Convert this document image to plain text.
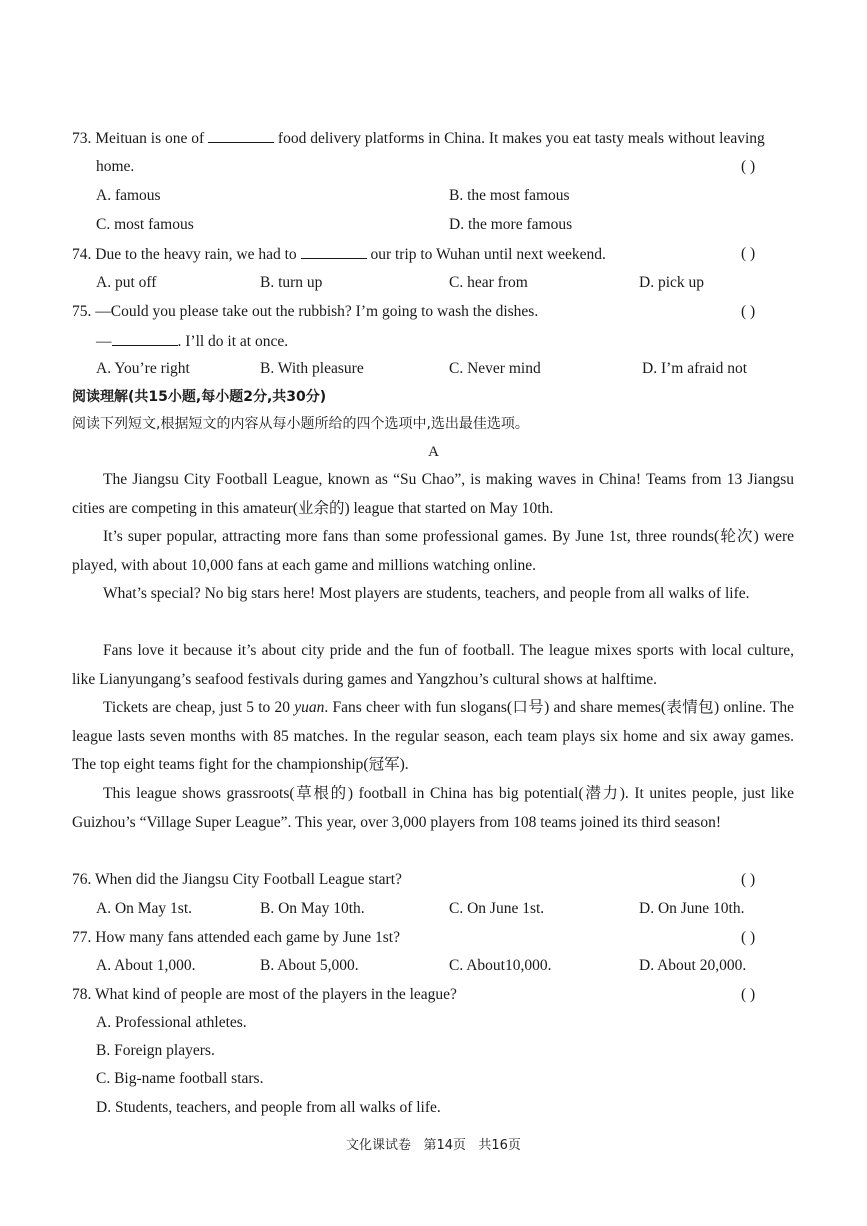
73. Meituan is one of	food delivery platforms in China. It makes you eat tasty meals without leaving
home.	( )
A. famous	B. the most famous
C. most famous	D. the more famous
74. Due to the heavy rain, we had to	our trip to Wuhan until next weekend.	( )
A. put off	B. turn up	C. hear from	D. pick up
75. —Could you please take out the rubbish? I’m going to wash the dishes.	( )
—	. I’ll do it at once.
A. You’re right	B. With pleasure	C. Never mind	D. I’m afraid not
阅读理解(共15小题,每小题2分,共30分)
阅读下列短文,根据短文的内容从每小题所给的四个选项中,选出最佳选项。
A
The Jiangsu City Football League, known as “Su Chao”, is making waves in China! Teams from 13 Jiangsu cities are competing in this amateur(业余的) league that started on May 10th.
It’s super popular, attracting more fans than some professional games. By June 1st, three rounds(轮次) were played, with about 10,000 fans at each game and millions watching online.
What’s special? No big stars here! Most players are students, teachers, and people from all walks of life.
Fans love it because it’s about city pride and the fun of football. The league mixes sports with local culture, like Lianyungang’s seafood festivals during games and Yangzhou’s cultural shows at halftime.
Tickets are cheap, just 5 to 20 yuan. Fans cheer with fun slogans(口号) and share memes(表情包) online. The league lasts seven months with 85 matches. In the regular season, each team plays six home and six away games. The top eight teams fight for the championship(冠军).
This league shows grassroots(草根的) football in China has big potential(潜力). It unites people, just like Guizhou’s “Village Super League”. This year, over 3,000 players from 108 teams joined its third season!
76. When did the Jiangsu City Football League start?	( )
A. On May 1st.	B. On May 10th.	C. On June 1st.	D. On June 10th.
77. How many fans attended each game by June 1st?	( )
A. About 1,000.	B. About 5,000.	C. About10,000.	D. About 20,000.
78. What kind of people are most of the players in the league?	( )
A. Professional athletes.
B. Foreign players.
C. Big-name football stars.
D. Students, teachers, and people from all walks of life.
文化课试卷   第14页   共16页
